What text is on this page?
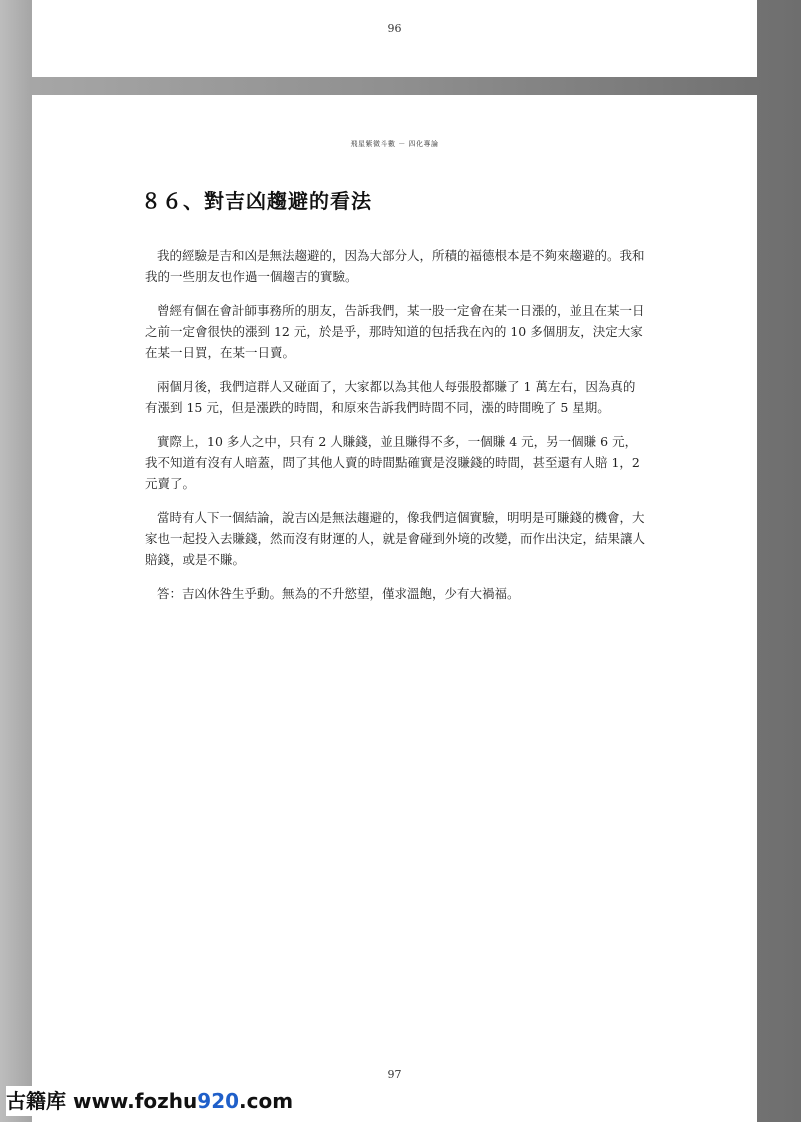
96
飛星紫微斗數 － 四化專論
８６、對吉凶趨避的看法

我的經驗是吉和凶是無法趨避的，因為大部分人，所積的福德根本是不夠來趨避的。我和我的一些朋友也作過一個趨吉的實驗。

曾經有個在會計師事務所的朋友，告訴我們，某一股一定會在某一日漲的，並且在某一日之前一定會很快的漲到 12 元，於是乎，那時知道的包括我在內的 10 多個朋友，決定大家在某一日買，在某一日賣。

兩個月後，我們這群人又碰面了，大家都以為其他人每張股都賺了 1 萬左右，因為真的有漲到 15 元，但是漲跌的時間，和原來告訴我們時間不同，漲的時間晚了 5 星期。

實際上，10 多人之中，只有 2 人賺錢，並且賺得不多，一個賺 4 元，另一個賺 6 元，我不知道有沒有人暗蓋，問了其他人賣的時間點確實是沒賺錢的時間，甚至還有人賠 1，2 元賣了。

當時有人下一個結論，說吉凶是無法趨避的，像我們這個實驗，明明是可賺錢的機會，大家也一起投入去賺錢，然而沒有財運的人，就是會碰到外境的改變，而作出決定，結果讓人賠錢，或是不賺。

答：吉凶休咎生乎動。無為的不升慾望，僅求溫飽，少有大禍福。

97
古籍库 www.fozhu920.com
